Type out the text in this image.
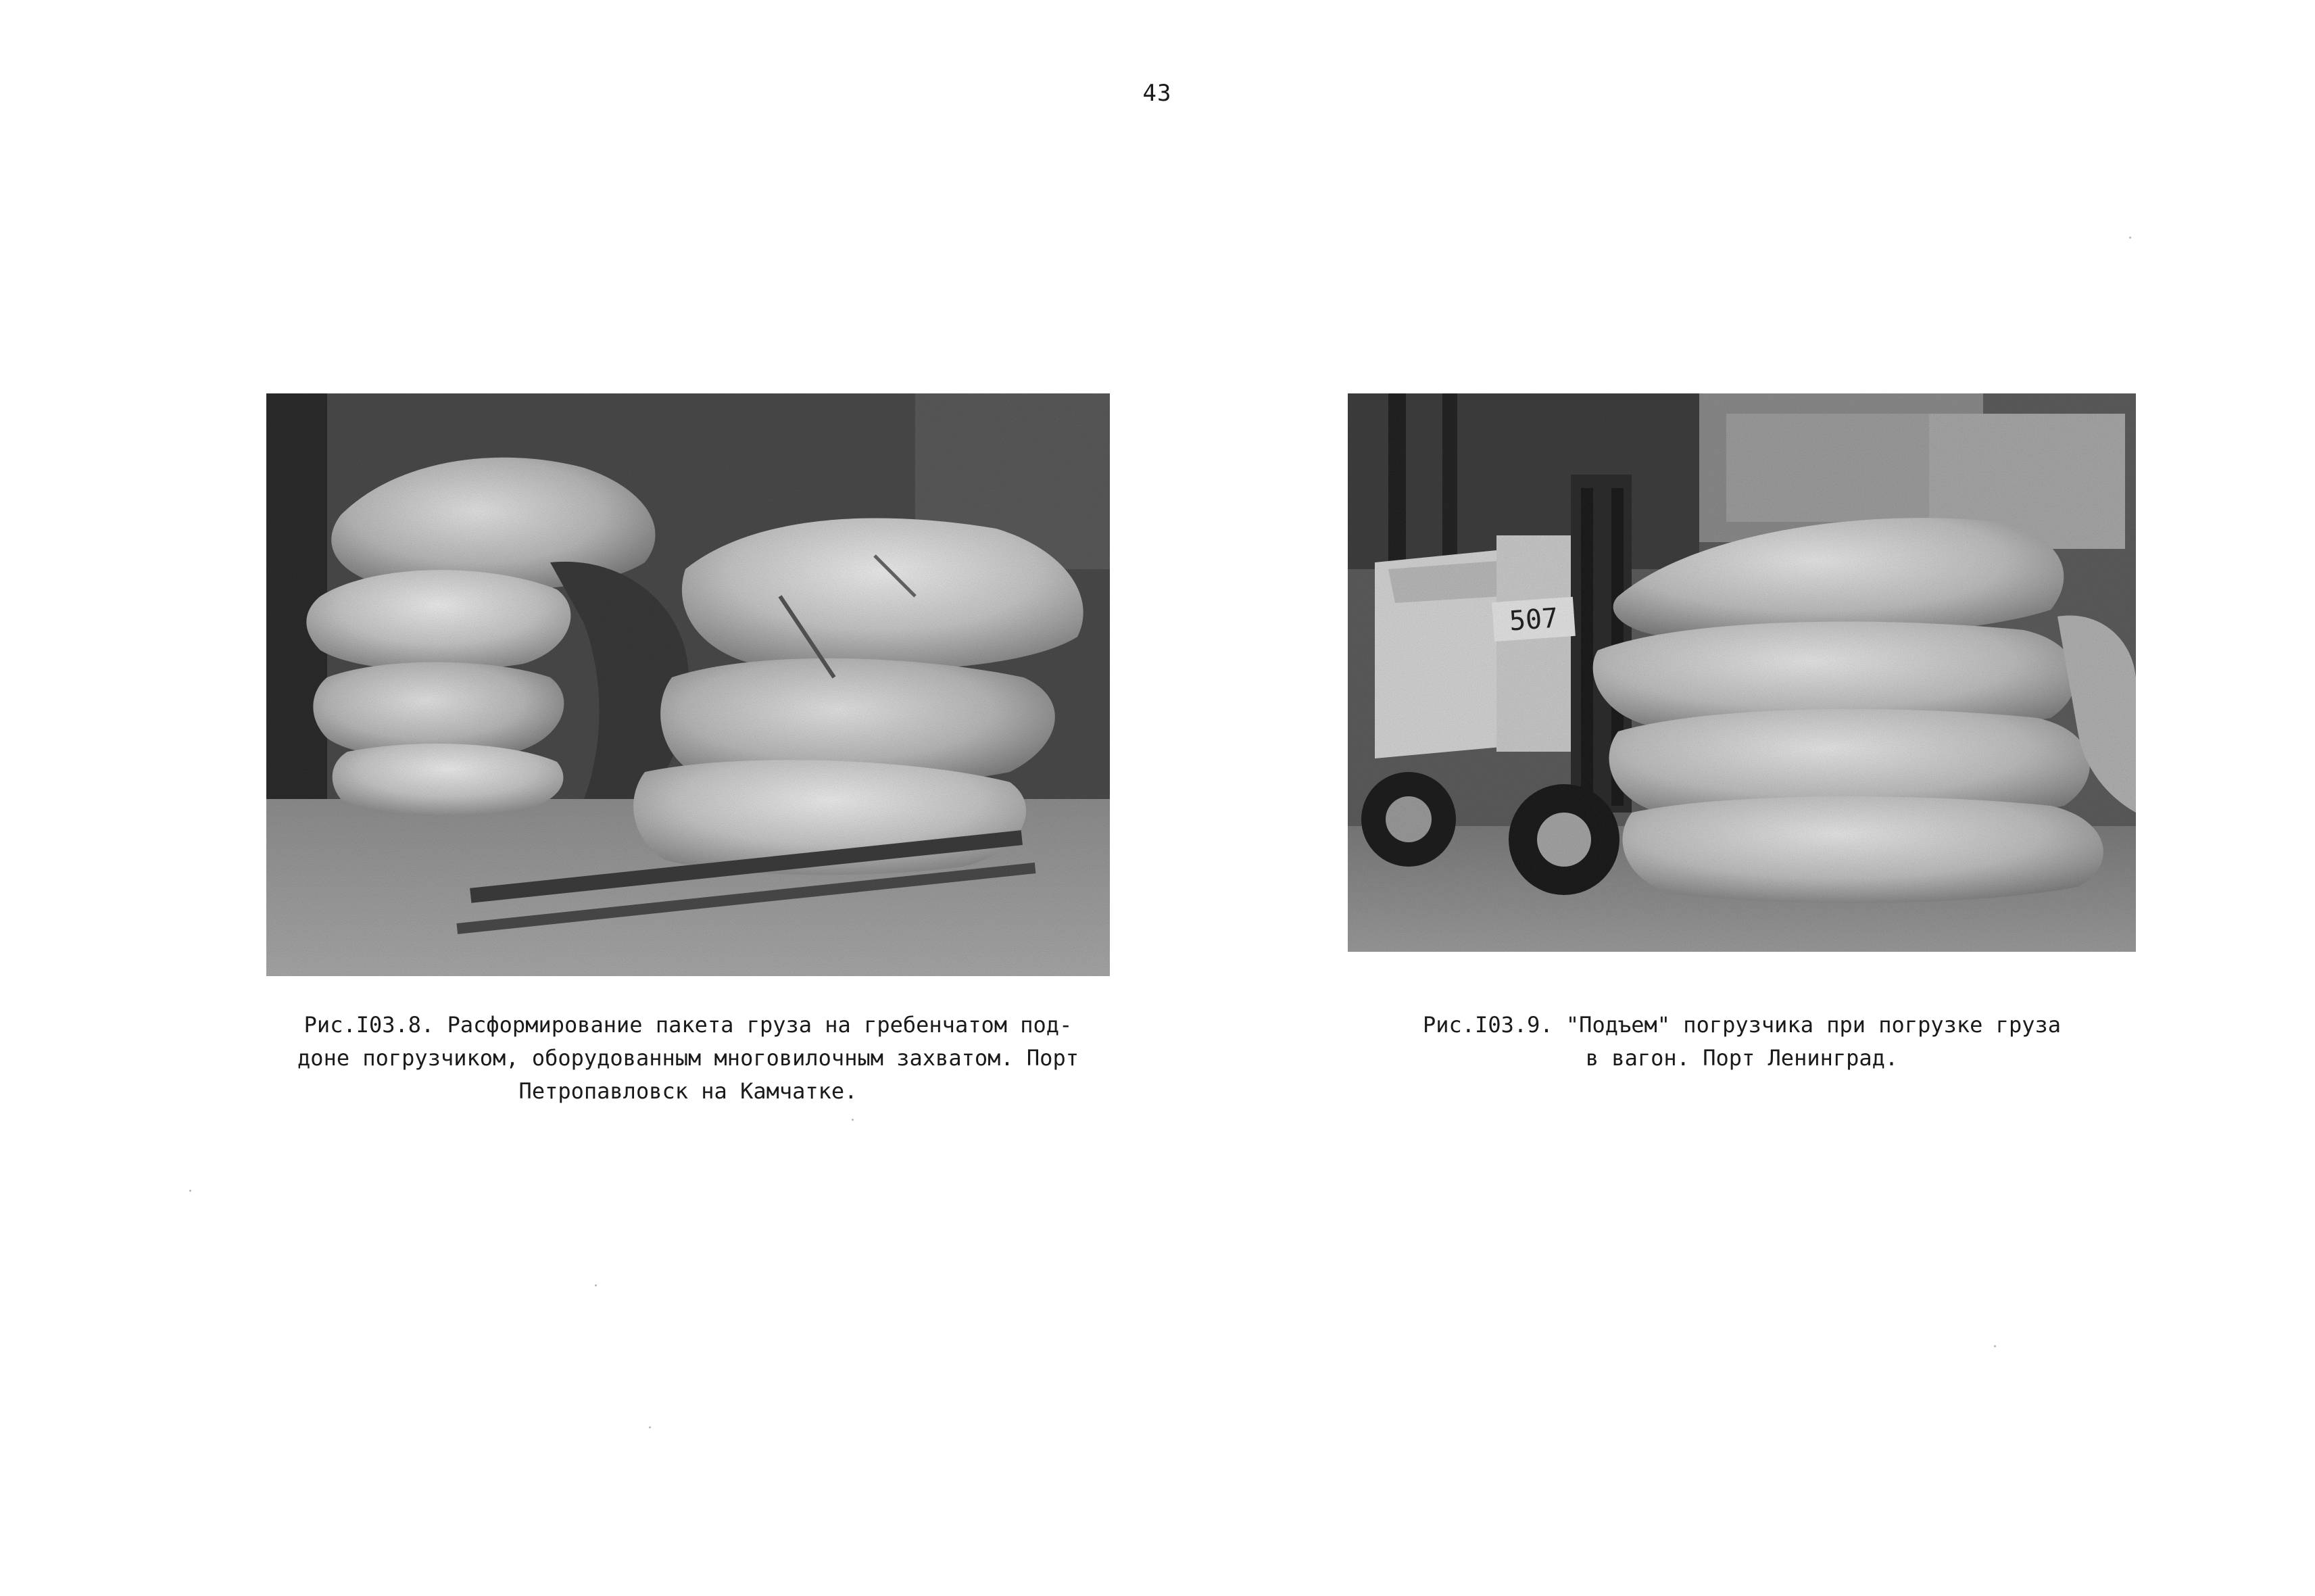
43
507
Рис.I03.8. Расформирование пакета груза на гребенчатом под-
доне погрузчиком, оборудованным многовилочным захватом. Порт
Петропавловск на Камчатке.
Рис.I03.9. "Подъем" погрузчика при погрузке груза
в вагон. Порт Ленинград.
